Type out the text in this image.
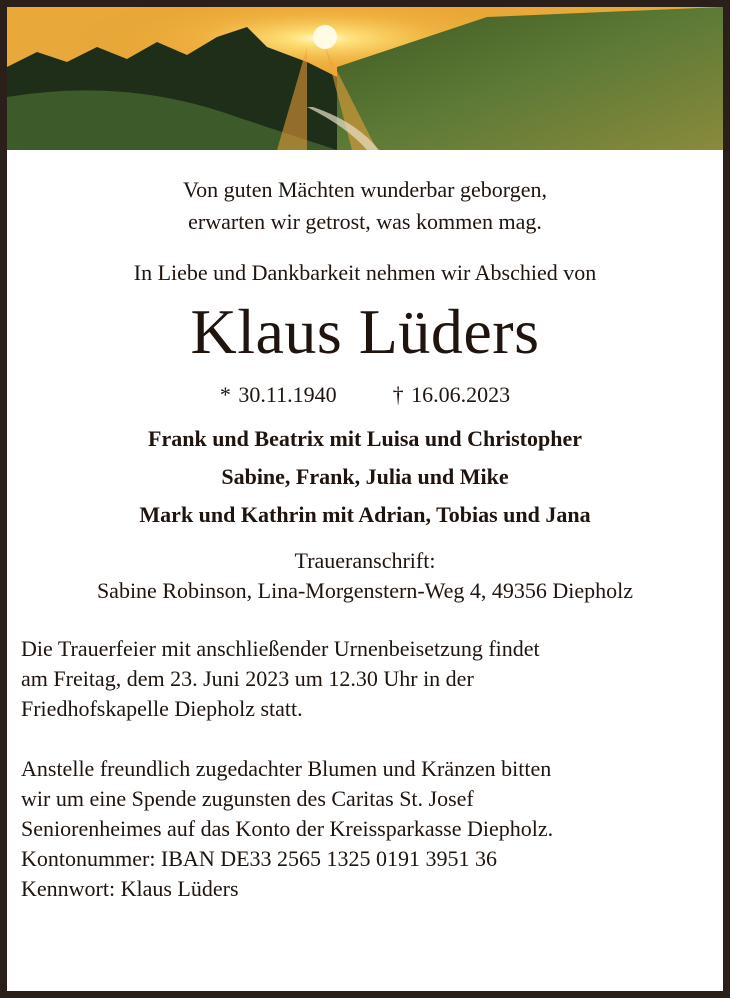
Von guten Mächten wunderbar geborgen,
erwarten wir getrost, was kommen mag.
In Liebe und Dankbarkeit nehmen wir Abschied von
Klaus Lüders
* 30.11.1940	† 16.06.2023
Frank und Beatrix mit Luisa und Christopher
Sabine, Frank, Julia und Mike
Mark und Kathrin mit Adrian, Tobias und Jana
Traueranschrift:
Sabine Robinson, Lina-Morgenstern-Weg 4, 49356 Diepholz
Die Trauerfeier mit anschließender Urnenbeisetzung findet
am Freitag, dem 23. Juni 2023 um 12.30 Uhr in der
Friedhofskapelle Diepholz statt.
Anstelle freundlich zugedachter Blumen und Kränzen bitten
wir um eine Spende zugunsten des Caritas St. Josef
Seniorenheimes auf das Konto der Kreissparkasse Diepholz.
Kontonummer: IBAN DE33 2565 1325 0191 3951 36
Kennwort: Klaus Lüders
